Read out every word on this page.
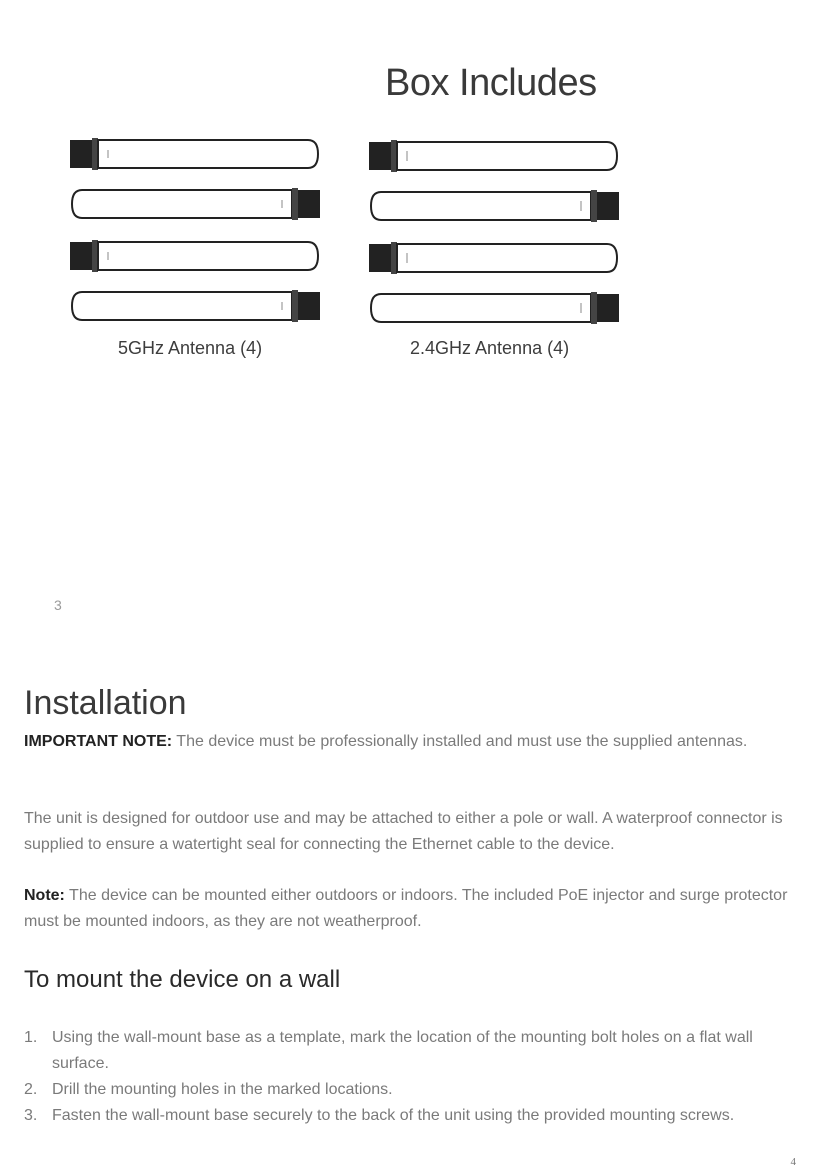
Box Includes
5GHz Antenna (4)	2.4GHz Antenna (4)
3
Installation
IMPORTANT NOTE: The device must be professionally installed and must use the supplied antennas.
The unit is designed for outdoor use and may be attached to either a pole or wall. A waterproof connector is supplied to ensure a watertight seal for connecting the Ethernet cable to the device.
Note: The device can be mounted either outdoors or indoors. The included PoE injector and surge protector must be mounted indoors, as they are not weatherproof.
To mount the device on a wall
1. Using the wall-mount base as a template, mark the location of the mounting bolt holes on a flat wall surface.
2. Drill the mounting holes in the marked locations.
3. Fasten the wall-mount base securely to the back of the unit using the provided mounting screws.
4
